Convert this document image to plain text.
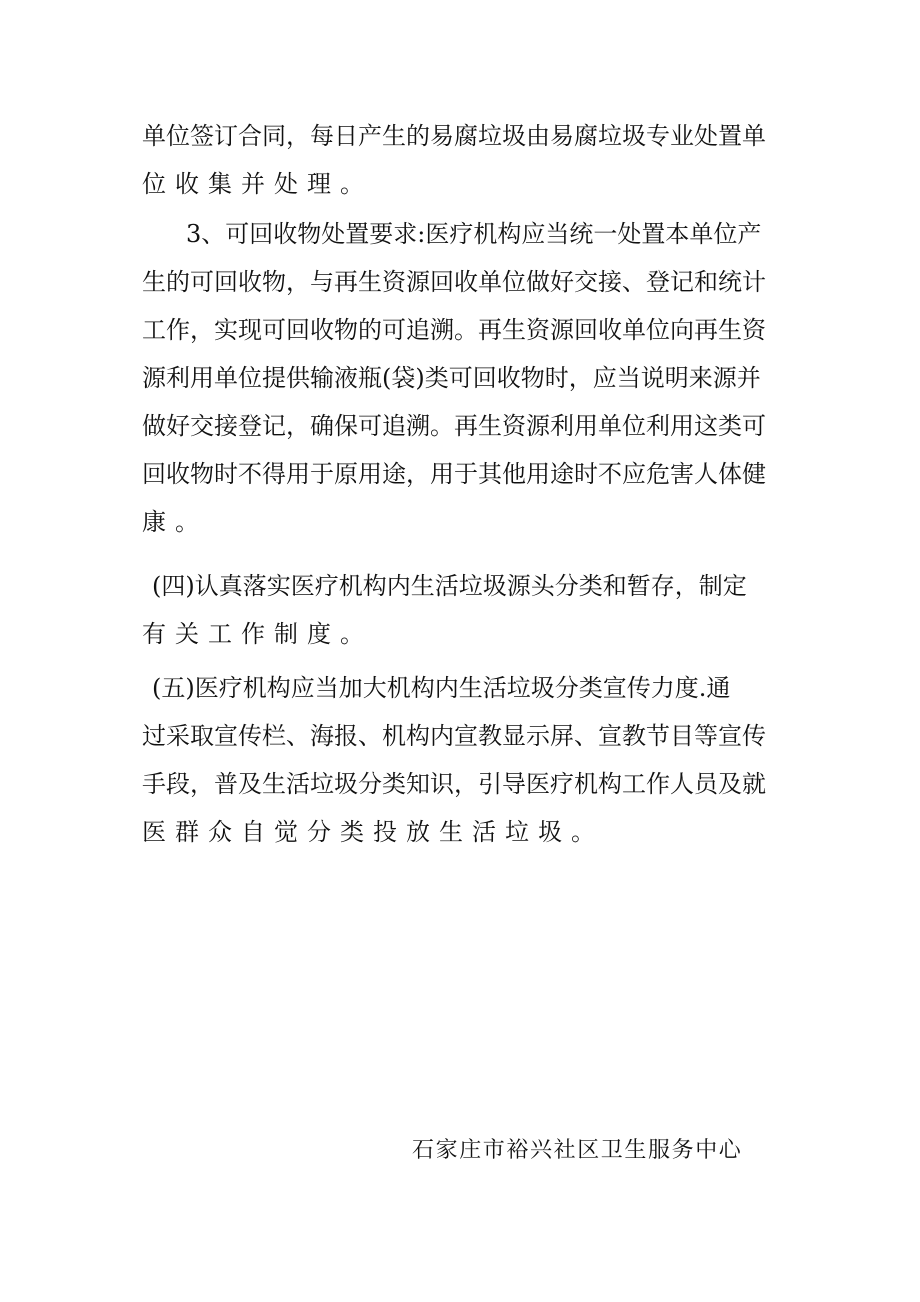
单位签订合同，每日产生的易腐垃圾由易腐垃圾专业处置单
位收集并处理。
3、可回收物处置要求:医疗机构应当统一处置本单位产
生的可回收物，与再生资源回收单位做好交接、登记和统计
工作，实现可回收物的可追溯。再生资源回收单位向再生资
源利用单位提供输液瓶(袋)类可回收物时，应当说明来源并
做好交接登记，确保可追溯。再生资源利用单位利用这类可
回收物时不得用于原用途，用于其他用途时不应危害人体健
康。
(四)认真落实医疗机构内生活垃圾源头分类和暂存，制定
有关工作制度。
(五)医疗机构应当加大机构内生活垃圾分类宣传力度.通
过采取宣传栏、海报、机构内宣教显示屏、宣教节目等宣传
手段，普及生活垃圾分类知识，引导医疗机构工作人员及就
医群众自觉分类投放生活垃圾。
石家庄市裕兴社区卫生服务中心
